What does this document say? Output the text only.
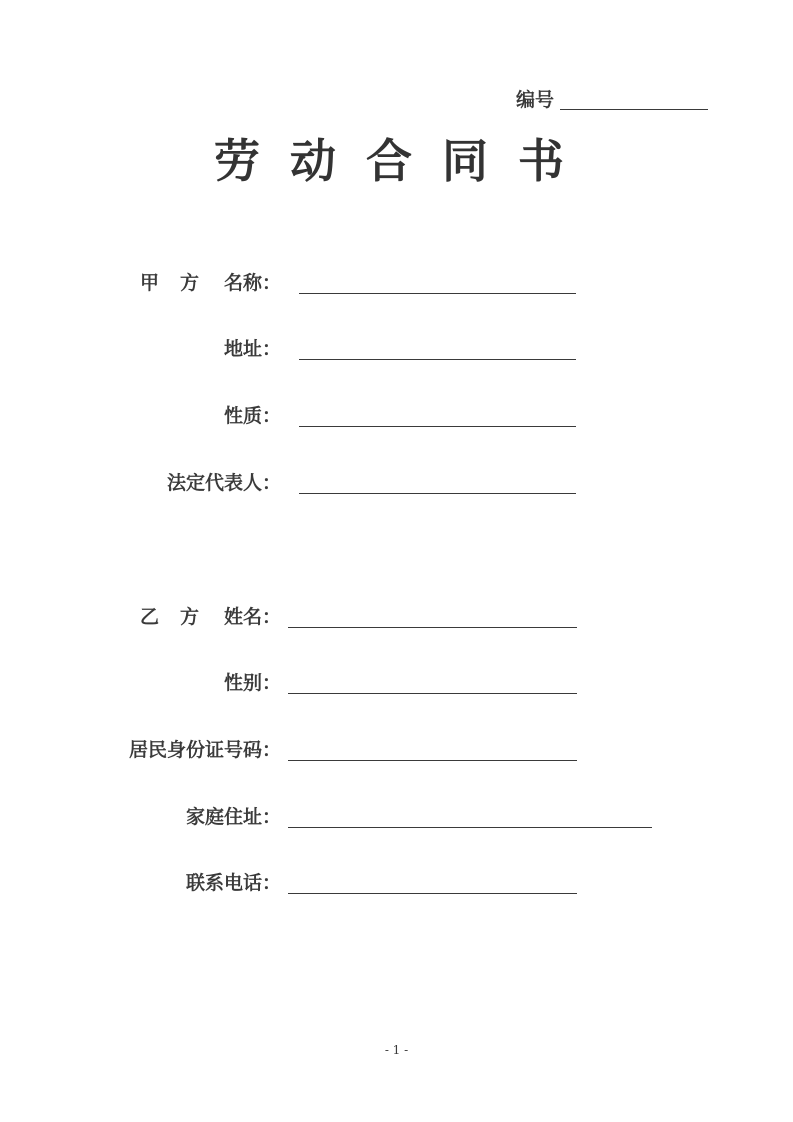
编号
劳动合同书
甲方 名称：
地址：
性质：
法定代表人：
乙方 姓名：
性别：
居民身份证号码：
家庭住址：
联系电话：
- 1 -
